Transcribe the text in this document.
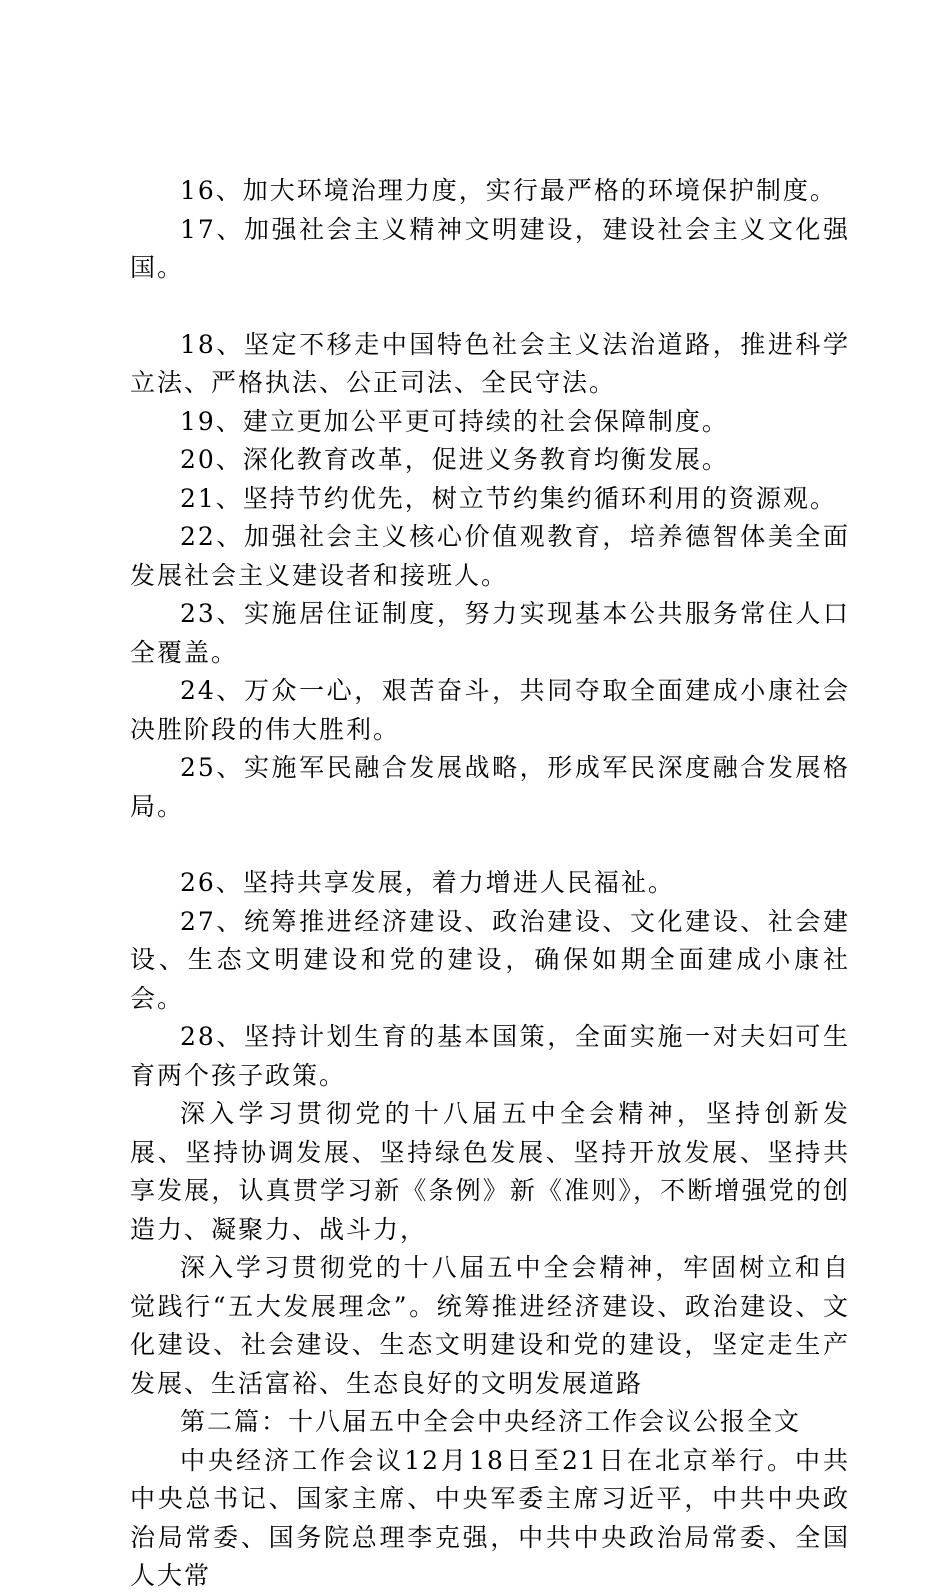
16、加大环境治理力度，实行最严格的环境保护制度。

17、加强社会主义精神文明建设，建设社会主义文化强国。

18、坚定不移走中国特色社会主义法治道路，推进科学立法、严格执法、公正司法、全民守法。

19、建立更加公平更可持续的社会保障制度。

20、深化教育改革，促进义务教育均衡发展。

21、坚持节约优先，树立节约集约循环利用的资源观。

22、加强社会主义核心价值观教育，培养德智体美全面发展社会主义建设者和接班人。

23、实施居住证制度，努力实现基本公共服务常住人口全覆盖。

24、万众一心，艰苦奋斗，共同夺取全面建成小康社会决胜阶段的伟大胜利。

25、实施军民融合发展战略，形成军民深度融合发展格局。

26、坚持共享发展，着力增进人民福祉。

27、统筹推进经济建设、政治建设、文化建设、社会建设、生态文明建设和党的建设，确保如期全面建成小康社会。

28、坚持计划生育的基本国策，全面实施一对夫妇可生育两个孩子政策。

深入学习贯彻党的十八届五中全会精神，坚持创新发展、坚持协调发展、坚持绿色发展、坚持开放发展、坚持共享发展，认真贯学习新《条例》新《准则》，不断增强党的创造力、凝聚力、战斗力，

深入学习贯彻党的十八届五中全会精神，牢固树立和自觉践行“五大发展理念”。统筹推进经济建设、政治建设、文化建设、社会建设、生态文明建设和党的建设，坚定走生产发展、生活富裕、生态良好的文明发展道路

第二篇：十八届五中全会中央经济工作会议公报全文

中央经济工作会议12月18日至21日在北京举行。中共中央总书记、国家主席、中央军委主席习近平，中共中央政治局常委、国务院总理李克强，中共中央政治局常委、全国人大常
